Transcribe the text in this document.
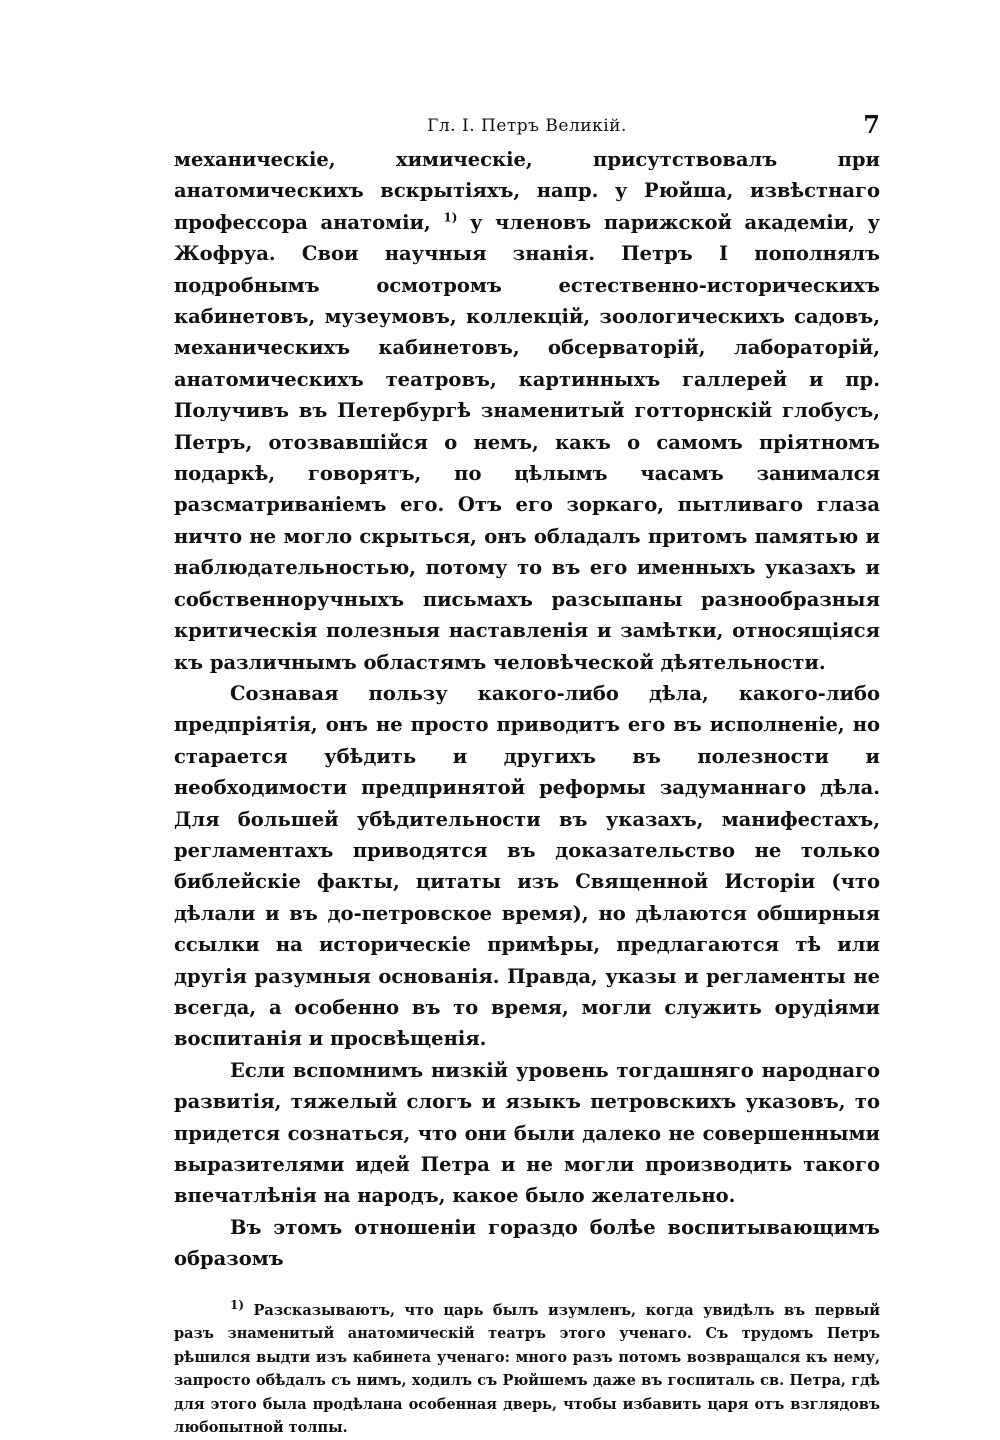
Гл. I. Петръ Великій.	7

механическіе, химическіе, присутствовалъ при анатомическихъ вскрытіяхъ, напр. у Рюйша, извѣстнаго профессора анатоміи, $^{1)}$ у членовъ парижской академіи, у Жофруа. Свои научныя знанія. Петръ I пополнялъ подробнымъ осмотромъ естественно-историческихъ кабинетовъ, музеумовъ, коллекцій, зоологическихъ садовъ, механическихъ кабинетовъ, обсерваторій, лабораторій, анатомическихъ театровъ, картинныхъ галлерей и пр. Получивъ въ Петербургѣ знаменитый готторнскій глобусъ, Петръ, отозвавшійся о немъ, какъ о самомъ пріятномъ подаркѣ, говорятъ, по цѣлымъ часамъ занимался разсматриваніемъ его. Отъ его зоркаго, пытливаго глаза ничто не могло скрыться, онъ обладалъ притомъ памятью и наблюдательностью, потому то въ его именныхъ указахъ и собственноручныхъ письмахъ разсыпаны разнообразныя критическія полезныя наставленія и замѣтки, относящіяся къ различнымъ областямъ человѣческой дѣятельности.

Сознавая пользу какого-либо дѣла, какого-либо предпріятія, онъ не просто приводитъ его въ исполненіе, но старается убѣдить и другихъ въ полезности и необходимости предпринятой реформы задуманнаго дѣла. Для большей убѣдительности въ указахъ, манифестахъ, регламентахъ приводятся въ доказательство не только библейскіе факты, цитаты изъ Священной Исторіи (что дѣлали и въ до-петровское время), но дѣлаются обширныя ссылки на историческіе примѣры, предлагаются тѣ или другія разумныя основанія. Правда, указы и регламенты не всегда, а особенно въ то время, могли служить орудіями воспитанія и просвѣщенія.

Если вспомнимъ низкій уровень тогдашняго народнаго развитія, тяжелый слогъ и языкъ петровскихъ указовъ, то придется сознаться, что они были далеко не совершенными выразителями идей Петра и не могли производить такого впечатлѣнія на народъ, какое было желательно.

Въ этомъ отношеніи гораздо болѣе воспитывающимъ образомъ

$^{1)}$ Разсказываютъ, что царь былъ изумленъ, когда увидѣлъ въ первый разъ знаменитый анатомическій театръ этого ученаго. Съ трудомъ Петръ рѣшился выдти изъ кабинета ученаго: много разъ потомъ возвращался къ нему, запросто обѣдалъ съ нимъ, ходилъ съ Рюйшемъ даже въ госпиталь св. Петра, гдѣ для этого была продѣлана особенная дверь, чтобы избавить царя отъ взглядовъ любопытной толпы.
